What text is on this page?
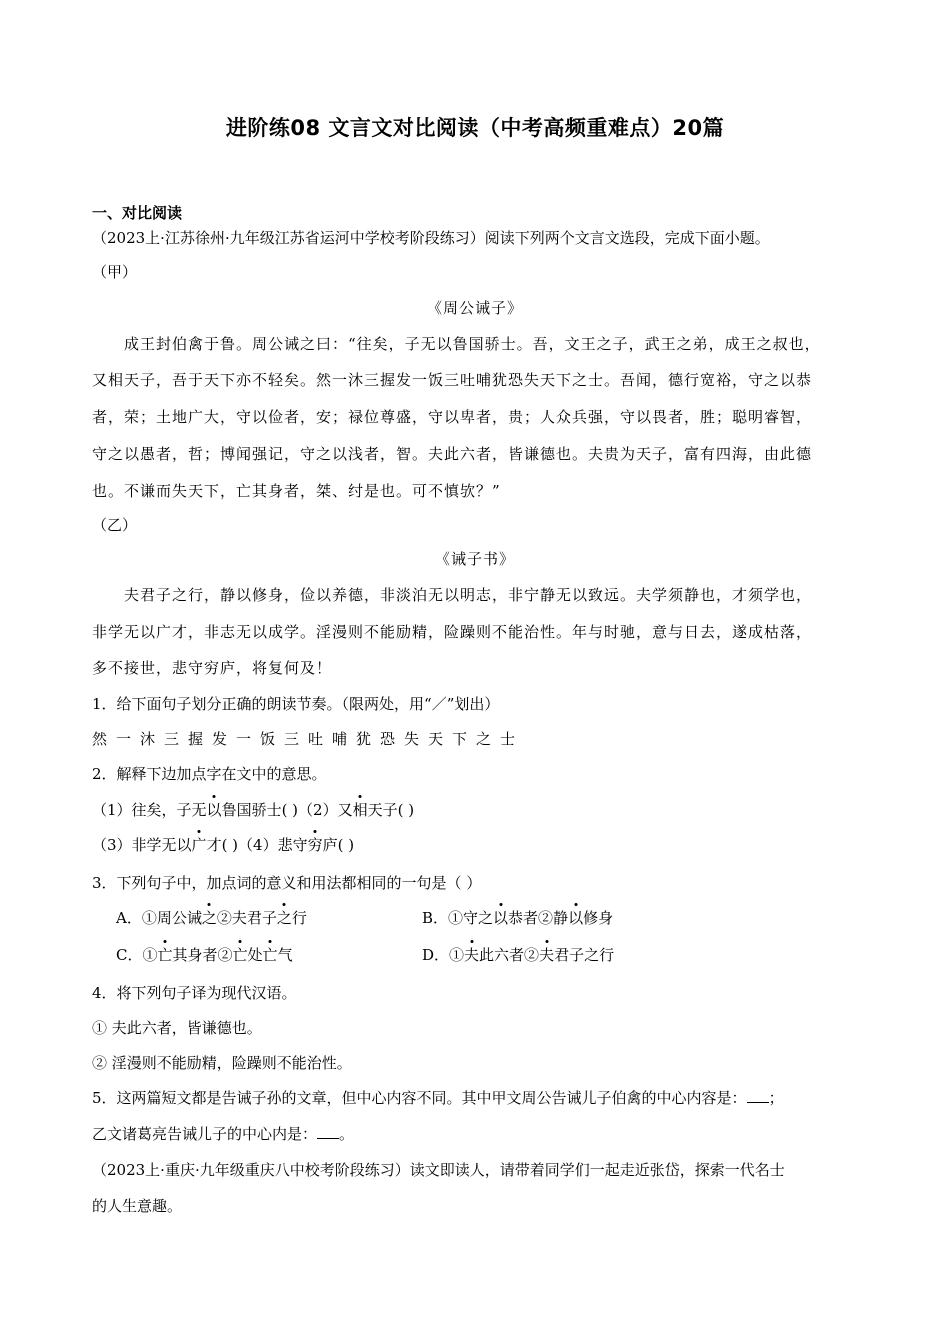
进阶练08 文言文对比阅读（中考高频重难点）20篇
一、对比阅读
（2023上·江苏徐州·九年级江苏省运河中学校考阶段练习）阅读下列两个文言文选段，完成下面小题。
（甲）
《周公诫子》
成王封伯禽于鲁。周公诫之曰：“往矣，子无以鲁国骄士。吾，文王之子，武王之弟，成王之叔也，
又相天子，吾于天下亦不轻矣。然一沐三握发一饭三吐哺犹恐失天下之士。吾闻，德行宽裕，守之以恭
者，荣；土地广大，守以俭者，安；禄位尊盛，守以卑者，贵；人众兵强，守以畏者，胜；聪明睿智，
守之以愚者，哲；博闻强记，守之以浅者，智。夫此六者，皆谦德也。夫贵为天子，富有四海，由此德
也。不谦而失天下，亡其身者，桀、纣是也。可不慎欤？”
（乙）
《诫子书》
夫君子之行，静以修身，俭以养德，非淡泊无以明志，非宁静无以致远。夫学须静也，才须学也，
非学无以广才，非志无以成学。淫漫则不能励精，险躁则不能治性。年与时驰，意与日去，遂成枯落，
多不接世，悲守穷庐，将复何及！
1．给下面句子划分正确的朗读节奏。（限两处，用“／”划出）
然一沐三握发一饭三吐哺犹恐失天下之士
2．解释下边加点字在文中的意思。
（1）往矣，子无以鲁国骄士( )（2）又相天子( )
（3）非学无以广才( )（4）悲守穷庐( )
3．下列句子中，加点词的意义和用法都相同的一句是（ ）
A．①周公诫之②夫君子之行	B．①守之以恭者②静以修身
C．①亡其身者②亡处亡气	D．①夫此六者②夫君子之行
4．将下列句子译为现代汉语。
① 夫此六者，皆谦德也。
② 淫漫则不能励精，险躁则不能治性。
5．这两篇短文都是告诫子孙的文章，但中心内容不同。其中甲文周公告诫儿子伯禽的中心内容是： ；
乙文诸葛亮告诫儿子的中心内是： 。
（2023上·重庆·九年级重庆八中校考阶段练习）读文即读人，请带着同学们一起走近张岱，探索一代名士
的人生意趣。
